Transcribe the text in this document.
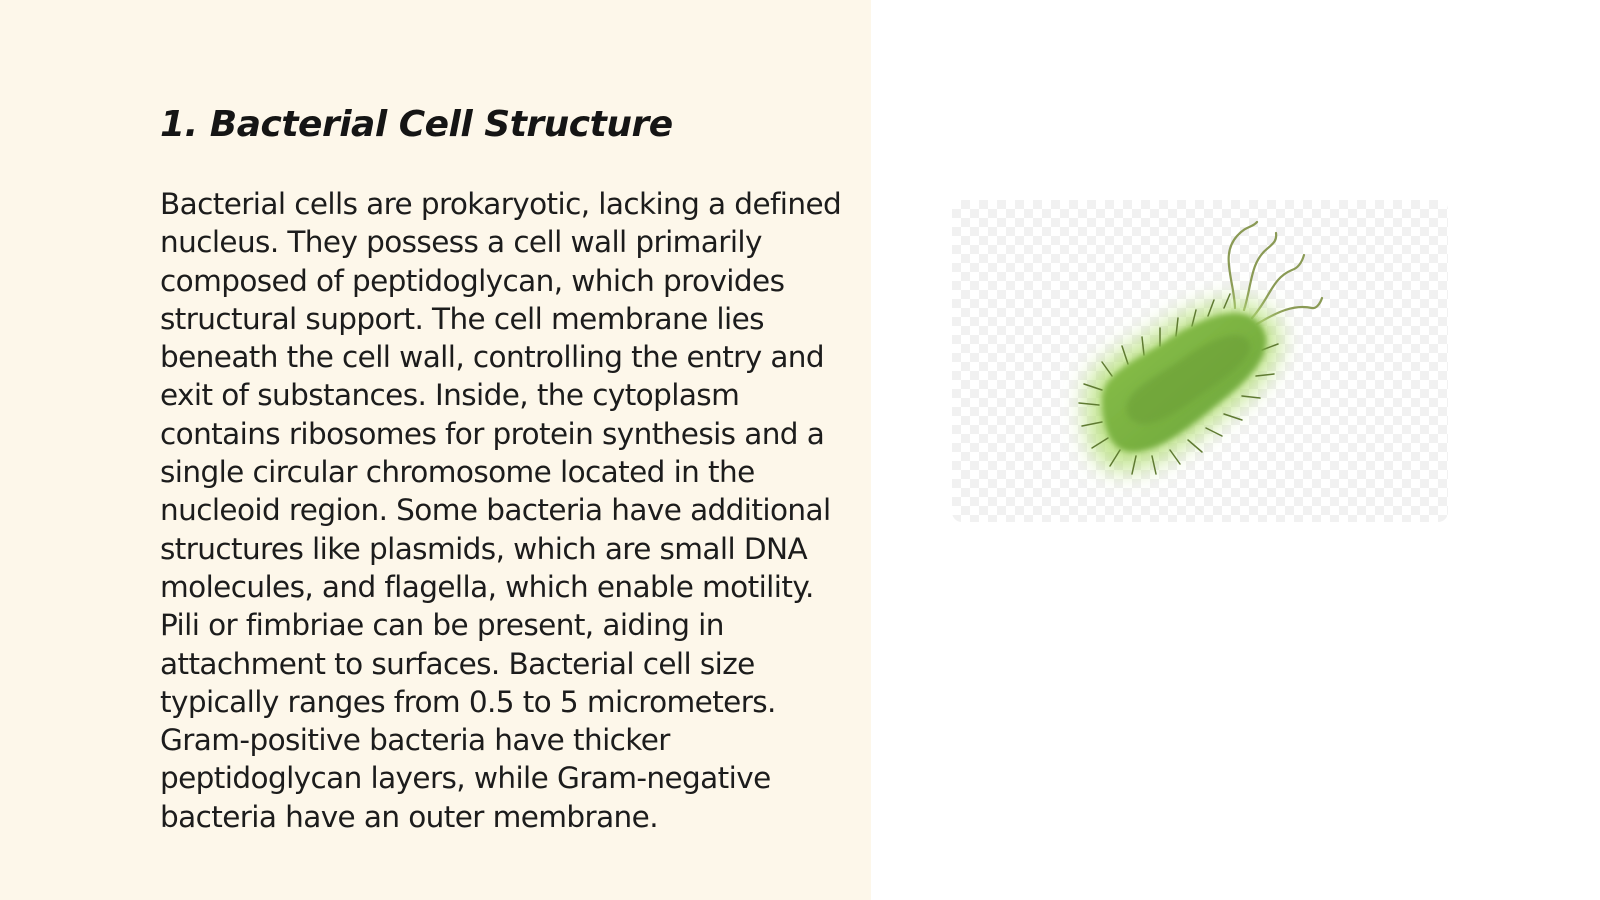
1. Bacterial Cell Structure

Bacterial cells are prokaryotic, lacking a defined nucleus. They possess a cell wall primarily composed of peptidoglycan, which provides structural support. The cell membrane lies beneath the cell wall, controlling the entry and exit of substances. Inside, the cytoplasm contains ribosomes for protein synthesis and a single circular chromosome located in the nucleoid region. Some bacteria have additional structures like plasmids, which are small DNA molecules, and flagella, which enable motility. Pili or fimbriae can be present, aiding in attachment to surfaces. Bacterial cell size typically ranges from 0.5 to 5 micrometers. Gram-positive bacteria have thicker peptidoglycan layers, while Gram-negative bacteria have an outer membrane.
